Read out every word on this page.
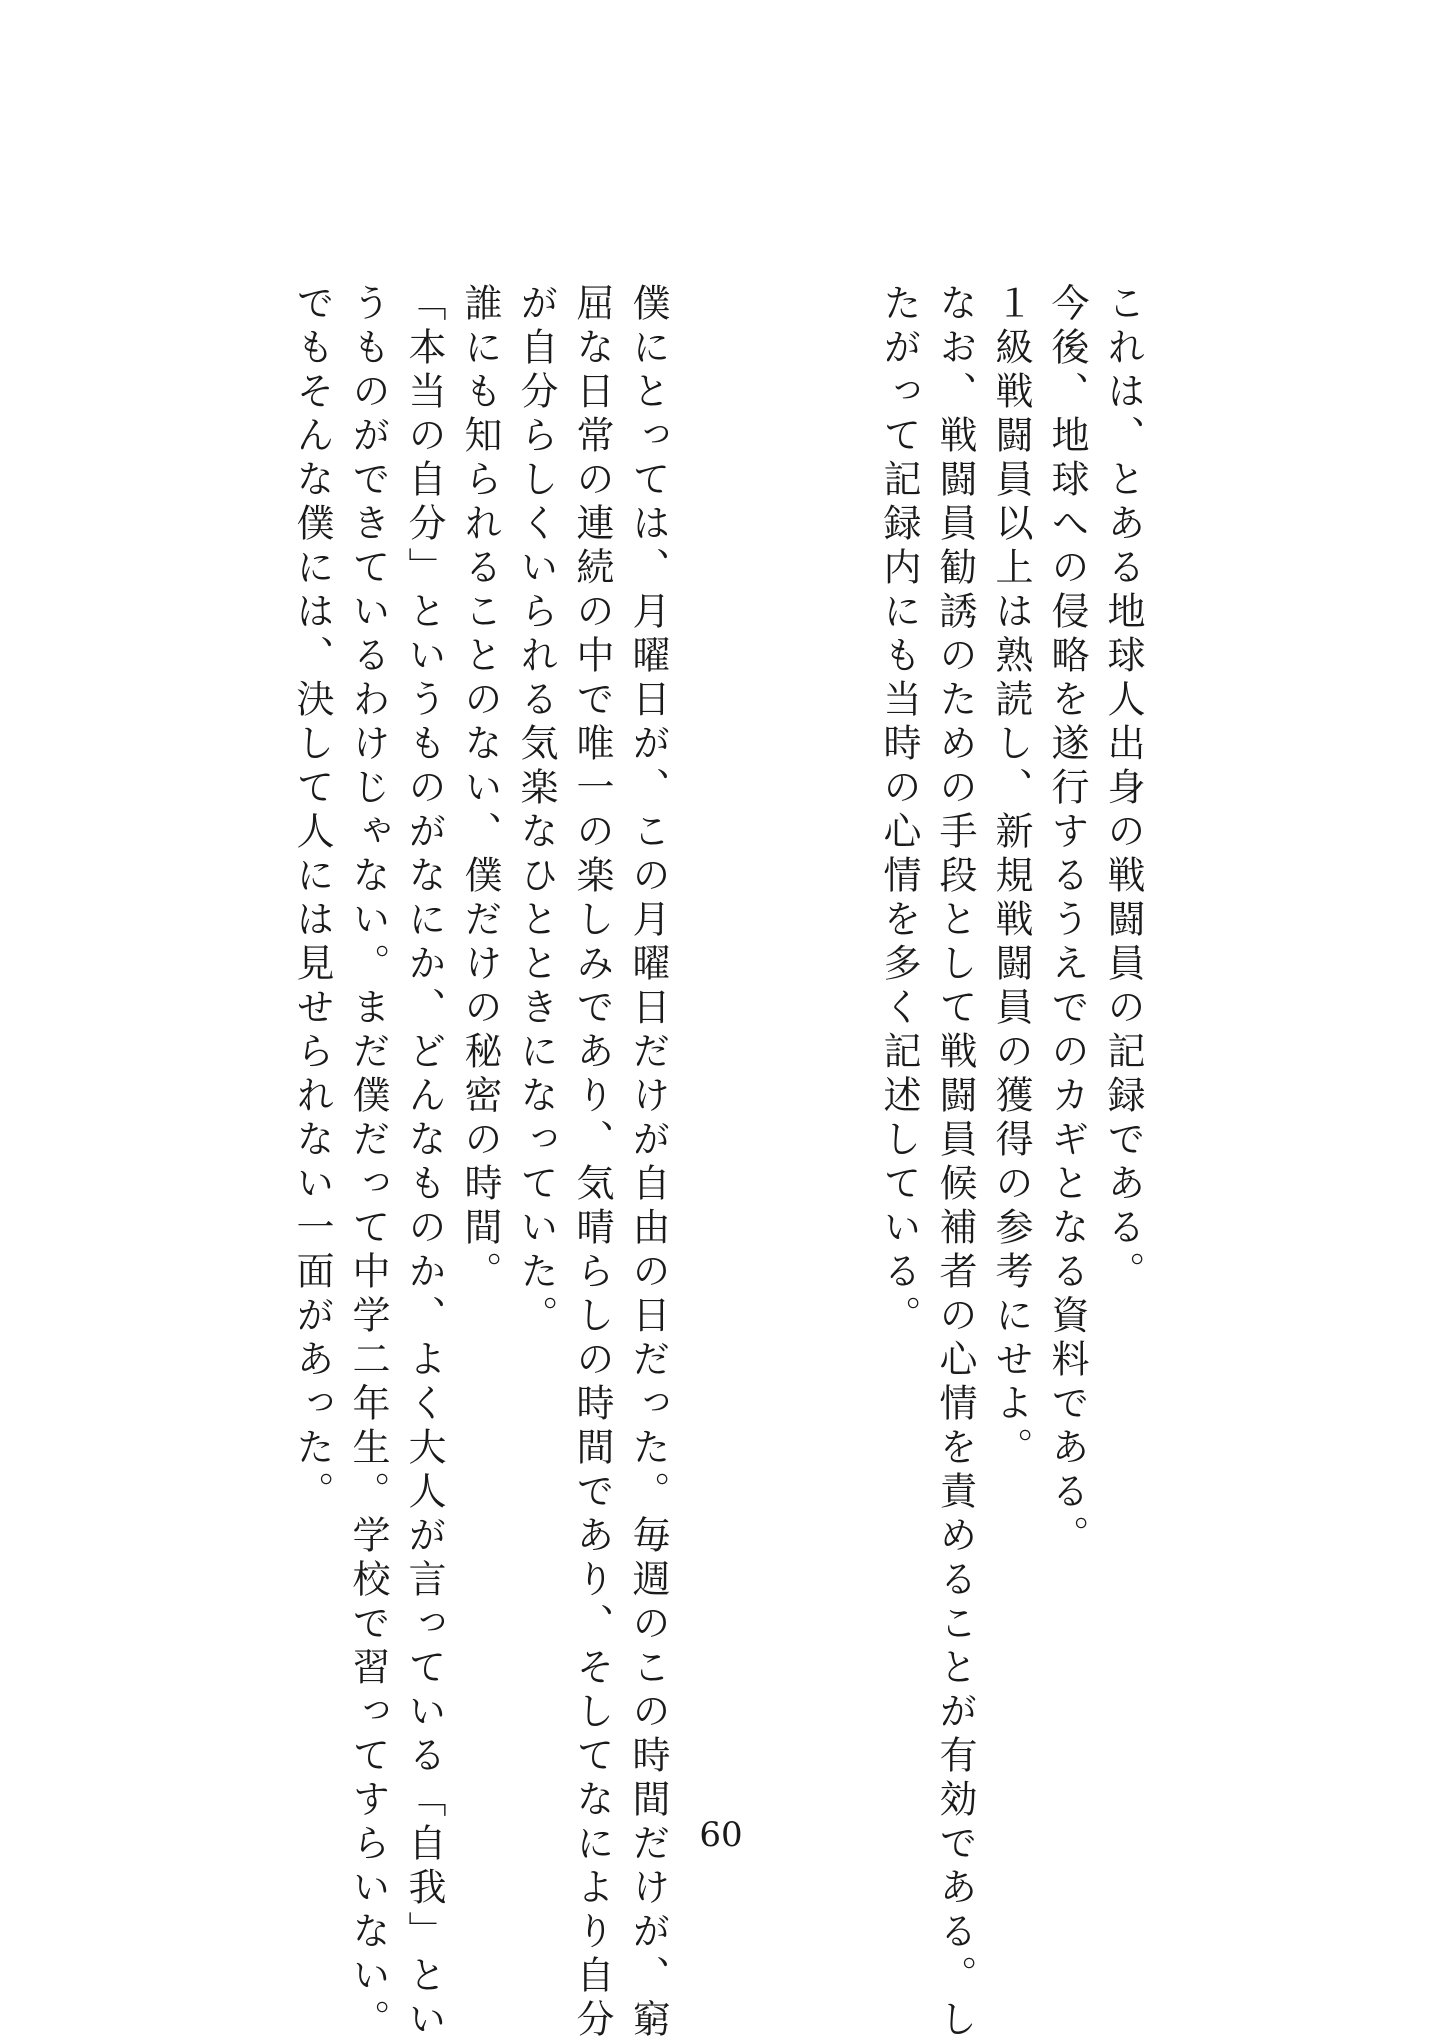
これは、とある地球人出身の戦闘員の記録である。
今後、地球への侵略を遂行するうえでのカギとなる資料である。
１級戦闘員以上は熟読し、新規戦闘員の獲得の参考にせよ。
なお、戦闘員勧誘のための手段として戦闘員候補者の心情を責めることが有効である。し
たがって記録内にも当時の心情を多く記述している。
僕にとっては、月曜日が、この月曜日だけが自由の日だった。毎週のこの時間だけが、窮
屈な日常の連続の中で唯一の楽しみであり、気晴らしの時間であり、そしてなにより自分
が自分らしくいられる気楽なひとときになっていた。
誰にも知られることのない、僕だけの秘密の時間。
「本当の自分」というものがなにか、どんなものか、よく大人が言っている「自我」とい
うものができているわけじゃない。まだ僕だって中学二年生。学校で習ってすらいない。
でもそんな僕には、決して人には見せられない一面があった。
60
